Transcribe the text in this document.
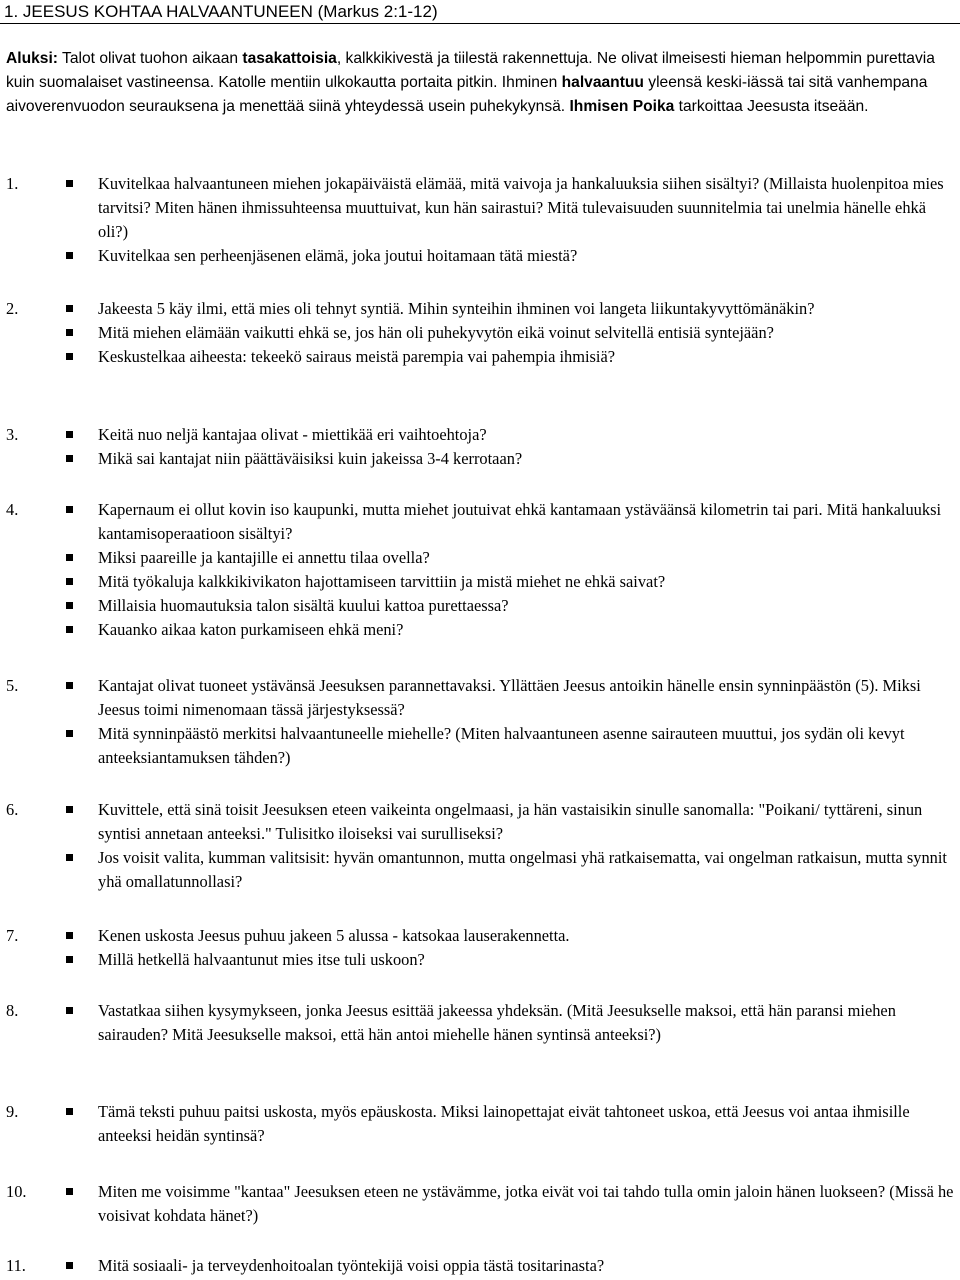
1. JEESUS KOHTAA HALVAANTUNEEN (Markus 2:1-12)
Aluksi: Talot olivat tuohon aikaan tasakattoisia, kalkkikivestä ja tiilestä rakennettuja. Ne olivat ilmeisesti hieman helpommin purettavia kuin suomalaiset vastineensa. Katolle mentiin ulkokautta portaita pitkin. Ihminen halvaantuu yleensä keski-iässä tai sitä vanhempana aivoverenvuodon seurauksena ja menettää siinä yhteydessä usein puhekykynsä. Ihmisen Poika tarkoittaa Jeesusta itseään.
1.	Kuvitelkaa halvaantuneen miehen jokapäiväistä elämää, mitä vaivoja ja hankaluuksia siihen sisältyi? (Millaista huolenpitoa mies tarvitsi? Miten hänen ihmissuhteensa muuttuivat, kun hän sairastui? Mitä tulevaisuuden suunnitelmia tai unelmia hänelle ehkä oli?)
Kuvitelkaa sen perheenjäsenen elämä, joka joutui hoitamaan tätä miestä?
2.	Jakeesta 5 käy ilmi, että mies oli tehnyt syntiä. Mihin synteihin ihminen voi langeta liikuntakyvyttömänäkin?
Mitä miehen elämään vaikutti ehkä se, jos hän oli puhekyvytön eikä voinut selvitellä entisiä syntejään?
Keskustelkaa aiheesta: tekeekö sairaus meistä parempia vai pahempia ihmisiä?
3.	Keitä nuo neljä kantajaa olivat - miettikää eri vaihtoehtoja?
Mikä sai kantajat niin päättäväisiksi kuin jakeissa 3-4 kerrotaan?
4.	Kapernaum ei ollut kovin iso kaupunki, mutta miehet joutuivat ehkä kantamaan ystäväänsä kilometrin tai pari. Mitä hankaluuksi kantamisoperaatioon sisältyi?
Miksi paareille ja kantajille ei annettu tilaa ovella?
Mitä työkaluja kalkkikivikaton hajottamiseen tarvittiin ja mistä miehet ne ehkä saivat?
Millaisia huomautuksia talon sisältä kuului kattoa purettaessa?
Kauanko aikaa katon purkamiseen ehkä meni?
5.	Kantajat olivat tuoneet ystävänsä Jeesuksen parannettavaksi. Yllättäen Jeesus antoikin hänelle ensin synninpäästön (5). Miksi Jeesus toimi nimenomaan tässä järjestyksessä?
Mitä synninpäästö merkitsi halvaantuneelle miehelle? (Miten halvaantuneen asenne sairauteen muuttui, jos sydän oli kevyt anteeksiantamuksen tähden?)
6.	Kuvittele, että sinä toisit Jeesuksen eteen vaikeinta ongelmaasi, ja hän vastaisikin sinulle sanomalla: "Poikani/ tyttäreni, sinun syntisi annetaan anteeksi." Tulisitko iloiseksi vai surulliseksi?
Jos voisit valita, kumman valitsisit: hyvän omantunnon, mutta ongelmasi yhä ratkaisematta, vai ongelman ratkaisun, mutta synnit yhä omallatunnollasi?
7.	Kenen uskosta Jeesus puhuu jakeen 5 alussa - katsokaa lauserakennetta.
Millä hetkellä halvaantunut mies itse tuli uskoon?
8.	Vastatkaa siihen kysymykseen, jonka Jeesus esittää jakeessa yhdeksän. (Mitä Jeesukselle maksoi, että hän paransi miehen sairauden? Mitä Jeesukselle maksoi, että hän antoi miehelle hänen syntinsä anteeksi?)
9.	Tämä teksti puhuu paitsi uskosta, myös epäuskosta. Miksi lainopettajat eivät tahtoneet uskoa, että Jeesus voi antaa ihmisille anteeksi heidän syntinsä?
10.	Miten me voisimme "kantaa" Jeesuksen eteen ne ystävämme, jotka eivät voi tai tahdo tulla omin jaloin hänen luokseen? (Missä he voisivat kohdata hänet?)
11.	Mitä sosiaali- ja terveydenhoitoalan työntekijä voisi oppia tästä tositarinasta?
